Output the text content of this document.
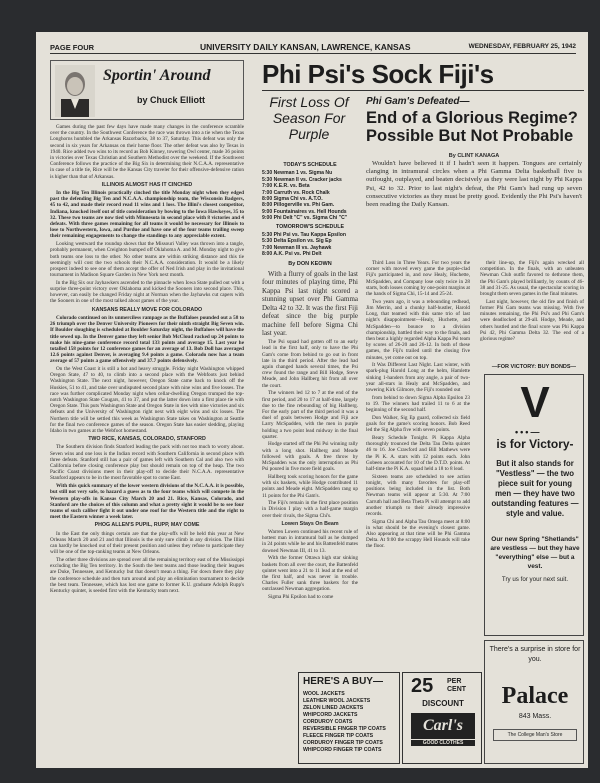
PAGE FOUR	UNIVERSITY DAILY KANSAN, LAWRENCE, KANSAS	WEDNESDAY, FEBRUARY 25, 1942
Sportin' Around
by Chuck Elliott

Games during the past few days have made many changes in the conference scramble over the country. In the Southwest Conference the race was thrown into a tie when the Texas Longhorns humbled the Arkansas Razorbacks, 38 to 37, Saturday. This defeat was only the second in six years for Arkansas on their home floor. The other defeat was also by Texas in 1940. Rice added two wins to its record as Bob Kinney, towering Owl center, made 36 points in victories over Texas Christian and Southern Methodist over the weekend. If the Southwest Conference follows the practice of the Big Six in determining their N.C.A.A. representative in case of a title tie, Rice will be the Kansas City traveler for their offensive-defensive ration is higher than that of Arkansas.

ILLINOIS ALMOST HAS IT CINCHED

In the Big Ten Illinois practically cinched the title Monday night when they edged past the defending Big Ten and N.C.A.A. championship team, the Wisconsin Badgers, 45 to 42, and made their record read 11 wins and 1 loss. The Illini's closest competitor, Indiana, knocked itself out of title consideration by bowing to the Iowa Hawkeyes, 35 to 32. These two teams are now tied with Minnesota in second place with 8 victories and 4 defeats. With three games remaining for all teams it would be necessary for Illinois to lose to Northwestern, Iowa, and Purdue and have one of the four teams trailing sweep their remaining engagements to change the standings to any appreciable extent.

Looking westward the roundup shows that the Missouri Valley was thrown into a tangle, probably permanent, when Creighton bumped off Oklahoma A. and M. Monday night to give both teams one loss to the other. No other teams are within striking distance and this tie seemingly will cost the two schools their N.C.A.A. consideration. It would be a likely prospect indeed to see one of them accept the offer of Ned Irish and play in the invitational tournament in Madison Square Garden in New York next month.

In the Big Six our Jayhawkers ascended to the pinnacle when Iowa State pulled out with a surprise three-point victory over Oklahoma and kicked the Sooners into second place. This, however, can easily be changed Friday night at Norman when the Jayhawks cut capers with the Sooners in one of the most talked about games of the year.

KANSANS REALLY MOVE FOR COLORADO

Colorado continued on its unmerciless rampage as the Buffaloes pounded out a 58 to 26 triumph over the Denver University Pioneers for their ninth straight Big Seven win. If Boulder sloughing is scheduled at Boulder Saturday night, the Buffaloes will have the title sewed up. In the Denver game they left senior Bob McCloud racked up 24 points to make his nine-game conference record total 133 points and average 15. Last year he totalled 158 points for 12 conference games for an average of 13. Bob Doll has averaged 12.6 points against Denver, is averaging 9.4 points a game. Colorado now has a team average of 57 points a game offensively and 37.7 points defensively.

On the West Coast it is still a hot and heavy struggle. Friday night Washington whipped Oregon State, 47 to 40, to climb into a second place with the Webfoots just behind Washington State. The next night, however, Oregon State came back to knock off the Huskies, 51 to 41, and take over undisputed second place with nine wins and five losses. The race was further complicated Monday night when cellar-dwelling Oregon trumped the top-notch Washington State Cougars, 41 to 37, and put the latter down into a first place tie with Oregon State. This puts Washington State and Oregon State in ties with nine victories and six defeats and the University of Washington right next with eight wins and six losses. The Northern title will be settled this week as Washington State takes on Washington at Seattle for the final two conference games of the season. Oregon State has easier sledding, playing Idaho in two games at the Webfoot homestand.

TWO RICE, KANSAS, COLORADO, STANFORD

The Southern division finds Stanford leading the pack with not too much to worry about. Seven wins and one loss is the Indian record with Southern California in second place with three defeats. Stanford still has a pair of games left with Southern Cal and also two with California before closing conference play but should remain on top of the heap. The two Pacific Coast divisions meet in their play-off to decide their N.C.A.A. representative Stanford appears to be in the most favorable spot to come East.

With this quick summary of the lower western divisions of the N.C.A.A. it is possible, but still not very safe, to hazard a guess as to the four teams which will compete in the Western play-offs in Kansas City March 20 and 21. Rice, Kansas, Colorado, and Stanford are the choices of this column and what a pretty sight it would be to see four teams of such caliber fight it out under one roof for the Western title and the right to meet the Eastern winner a week later.

PHOG ALLEN'S PUPIL, RUPP, MAY COME

In the East the only things certain are that the play-offs will be held this year at New Orleans March 20 and 21 and that Illinois is the only sure climb in any division. The Illini can hardly be knocked out of their present position and unless they refuse to participate they will be one of the top-ranking teams at New Orleans.

The other three divisions are spread over all the remaining territory east of the Mississippi excluding the Big Ten territory. In the South the best teams and those leading their leagues are Duke, Tennessee, and Kentucky but that doesn't mean a thing. For down there they play the conference schedule and then turn around and play an elimination tournament to decide the best team. Tennessee, which has lost one game to former K.U. graduate Adolph Rupp's Kentucky quintet, is seeded first with the Kentucky team next.

Phi Psi's Sock Fiji's
First Loss Of Season For Purple
Phi Gam's Defeated—
End of a Glorious Regime? Possible But Not Probable
TODAY'S SCHEDULE
5:30 Newman 1 vs. Sigma Nu
5:30 Newman II vs. Cracker jacks
7:00 K.E.R. vs. Beta
7:00 Carruth vs. Rock Chalk
8:00 Sigma Chi vs. A.T.O.
8:00 Pillogerville vs. Phi Gam.
9:00 Fountainaires vs. Hell Hounds
9:00 Phi Delt "C" vs. Sigma Chi "C"
TOMORROW'S SCHEDULE
5:30 Phi Psi vs. Tau Kappa Epsilon
5:30 Delta Epsilon vs. Sig Ep
7:00 Newman III vs. Jayhawk
8:00 A.K. Psi vs. Phi Delt
By DON KEOWN

With a flurry of goals in the last four minutes of playing time, Phi Kappa Psi last night scored a stunning upset over Phi Gamma Delta 42 to 32. It was the first Fiji defeat since the big purple machine fell before Sigma Chi last year.

The Psi squad had gotten off to an early lead in the first half, only to have the Phi Gam's come from behind to go out in front late in the third period. After the lead had again changed hands several times, the Psi crew found the range and Bill Hodge, Steve Meade, and John Hallberg hit from all over the court.

The winners led 12 to 7 at the end of the first period, and 20 to 17 at half-time, largely due to the fine rebounding of big Hallberg. For the early part of the third period it was a duel of goals between Hodge and Fiji ace Larry McSpadden, with the men in purple holding a two point lead midway in the final quarter.

Hodge started off the Phi Psi winning rally with a long shot. Hallberg and Meade followed with goals. A free throw by McSpadden was the only interruption as Phi Psi poured in five more field goals.

Hallberg took scoring honors for the game with six baskets, while Hodge contributed 11 points and Meade eight. McSpadden rang up 11 points for the Phi Gam's.

The Fiji's remain in the first place position in Division I play with a half-game margin over their rivals, the Sigma Chi's.

Lowen Stays On Beam

Warren Lowen continued his recent rule of hottest man in intramural ball as he dumped in 24 points while he and his Battenfeld mates downed Newman III, 41 to 13.

With the former Ottawa high star sinking baskets from all over the court, the Battenfeld quintet went into a 21 to 11 lead at the end of the first half, and was never in trouble. Charles Fuller sank three baskets for the outclassed Newman aggregation.

Sigma Phi Epsilon had to come

By CLINT KANAGA

Wouldn't have believed it if I hadn't seen it happen. Tongues are certainly clanging in intramural circles when a Phi Gamma Delta basketball five is outfought, outplayed, and beaten decisively as they were last night by Phi Kappa Psi, 42 to 32. Prior to last night's defeat, the Phi Gam's had rung up seven consecutive victories as they must be pretty good. Evidently the Phi Psi's haven't been reading the Daily Kansan.

Third Loss in Three Years. For two years the corner with moved every game the purple-clad Fiji's participated in, and now Healy, Huchette, McSpadden, and Company lose only twice in 28 starts, both losses coming by one-point margins at the hands of Sigma Chi, 15-14 and 25-24.

Two years ago, it was a rebounding redhead, Jim Merrin, and a chunky half-hustler, Harold Long, that teamed with this same trio of last night's disappointment—Healy, Huchette, and McSpadden—to bounce to a division championship, battled their way to the finals, and then beat a highly regarded Alpha Kappa Psi team by scores of 26-20 and 26-12. In both of these games, the Fiji's trailed until the closing five minutes, yet come out on top.

It Was Different Last Night. Last winter, with spark-plug Harold Long at the helm, Hamlette sinking 1-handers from any angle, a pair of two-year all-stars in Healy and McSpadden, and towering Kirk Gilmore, the Fiji's rounded out

from behind to down Sigma Alpha Epsilon 23 to 19. The winners had trailed 11 to 6 at the beginning of the second half.

Don Walker, Sig Ep guard, collected six field goals for the game's scoring honors. Bob Reed led the Sig Alpha five with seven points.

Beary Schedule Tonight. Pi Kappa Alpha thoroughly trounced the Delta Tau Delta quintet 46 to 16. Joe Crawford and Bill Mathews were the Pi K. A. stars with 12 points each. John Gobeen accounted for 10 of the D.T.D. points. At half-time the Pi K.A. squad held a 18 to 8 lead.

Sixteen teams are scheduled to see action tonight, with many favorites for play-off positions being included in the list. Both Newman teams will appear at 5:30. At 7:00 Carruth hall and Beta Theta Pi will attempt to add another triumph to their already impressive records.

Sigma Chi and Alpha Tau Omega meet at 8:00 in what should be the evening's closest game. Also appearing at that time will be Phi Gamma Delta. At 9:00 the scrappy Hell Hounds will take the floor.

their line-up, the Fiji's again wrecked all competition. In the finals, with an unbeaten Newman Club outfit favored to dethrone them, the Phi Gam's played brilliantly, by counts of 46-38 and 31-25. As usual, the spectacular scoring in brought them seven games in the final minutes.

Last night, however, the old fire and finish of former Phi Gam teams was missing. With five minutes remaining, the Phi Psi's and Phi Gam's were deadlocked at 29-all. Hodge, Meade, and others hustled and the final score was Phi Kappa Psi 42, Phi Gamma Delta 32. The end of a glorious regime?

—FOR VICTORY: BUY BONDS—
V
•••—
is for Victory-
But it also stands for "Vestless" — the two piece suit for young men — they have two outstanding features — style and value.
Our new Spring "Shetlands" are vestless — but they have "everything" else — but a vest.
Try us for your next suit.
There's a surprise in store for you.
Palace
843 Mass.
The College Man's Store
HERE'S A BUY—
WOOL JACKETS
LEATHER WOOL JACKETS
ZELON LINED JACKETS
WHIPCORD JACKETS
CORDUROY COATS
REVERSIBLE FINGER TIP COATS
FLEECE FINGER TIP COATS
CORDUROY FINGER TIP COATS
WHIPCORD FINGER TIP COATS
25	PER
CENT
DISCOUNT
Carl's
GOOD CLOTHES
